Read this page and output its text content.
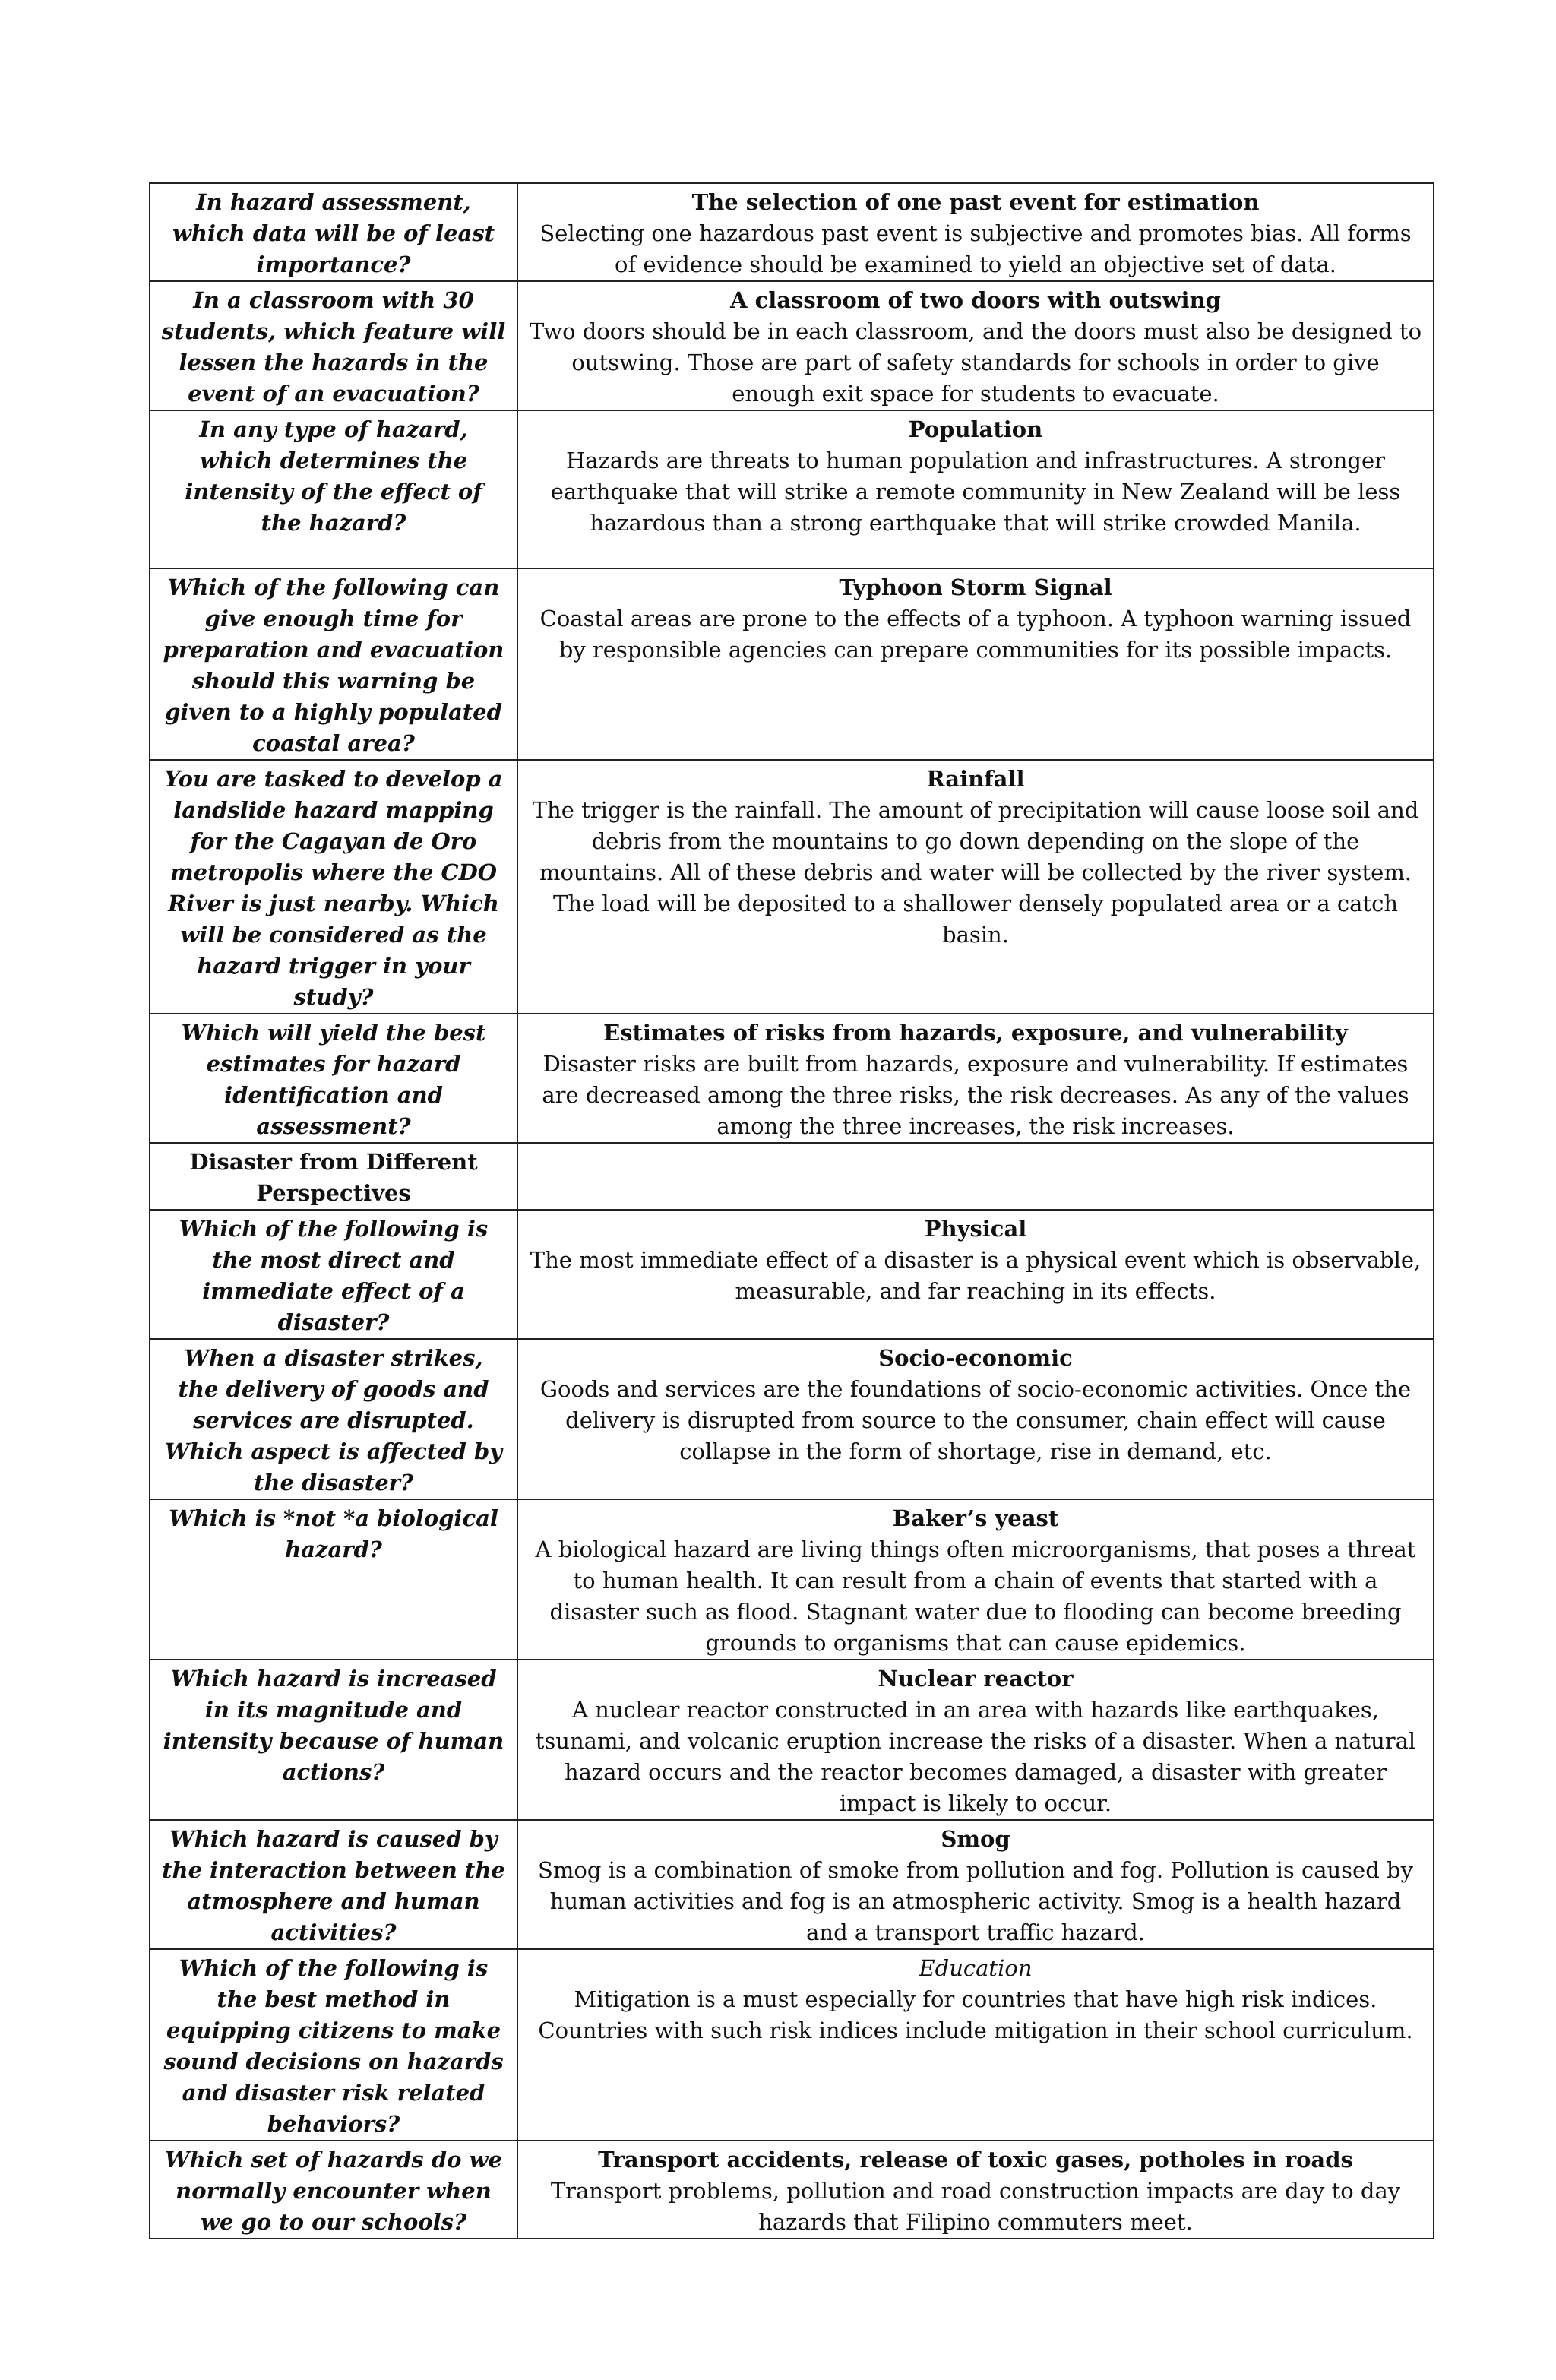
In hazard assessment, which data will be of least importance?	The selection of one past event for estimation
Selecting one hazardous past event is subjective and promotes bias. All forms of evidence should be examined to yield an objective set of data.

In a classroom with 30 students, which feature will lessen the hazards in the event of an evacuation?	A classroom of two doors with outswing
Two doors should be in each classroom, and the doors must also be designed to outswing. Those are part of safety standards for schools in order to give enough exit space for students to evacuate.

In any type of hazard, which determines the intensity of the effect of the hazard?	Population
Hazards are threats to human population and infrastructures. A stronger earthquake that will strike a remote community in New Zealand will be less hazardous than a strong earthquake that will strike crowded Manila.

Which of the following can give enough time for preparation and evacuation should this warning be given to a highly populated coastal area?	Typhoon Storm Signal
Coastal areas are prone to the effects of a typhoon. A typhoon warning issued by responsible agencies can prepare communities for its possible impacts.

You are tasked to develop a landslide hazard mapping for the Cagayan de Oro metropolis where the CDO River is just nearby. Which will be considered as the hazard trigger in your study?	Rainfall
The trigger is the rainfall. The amount of precipitation will cause loose soil and debris from the mountains to go down depending on the slope of the mountains. All of these debris and water will be collected by the river system. The load will be deposited to a shallower densely populated area or a catch basin.

Which will yield the best estimates for hazard identification and assessment?	Estimates of risks from hazards, exposure, and vulnerability
Disaster risks are built from hazards, exposure and vulnerability. If estimates are decreased among the three risks, the risk decreases. As any of the values among the three increases, the risk increases.

Disaster from Different Perspectives	

Which of the following is the most direct and immediate effect of a disaster?	Physical
The most immediate effect of a disaster is a physical event which is observable, measurable, and far reaching in its effects.

When a disaster strikes, the delivery of goods and services are disrupted. Which aspect is affected by the disaster?	Socio-economic
Goods and services are the foundations of socio-economic activities. Once the delivery is disrupted from source to the consumer, chain effect will cause collapse in the form of shortage, rise in demand, etc.

Which is *not *a biological hazard?	Baker’s yeast
A biological hazard are living things often microorganisms, that poses a threat to human health. It can result from a chain of events that started with a disaster such as flood. Stagnant water due to flooding can become breeding grounds to organisms that can cause epidemics.

Which hazard is increased in its magnitude and intensity because of human actions?	Nuclear reactor
A nuclear reactor constructed in an area with hazards like earthquakes, tsunami, and volcanic eruption increase the risks of a disaster. When a natural hazard occurs and the reactor becomes damaged, a disaster with greater impact is likely to occur.

Which hazard is caused by the interaction between the atmosphere and human activities?	Smog
Smog is a combination of smoke from pollution and fog. Pollution is caused by human activities and fog is an atmospheric activity. Smog is a health hazard and a transport traffic hazard.

Which of the following is the best method in equipping citizens to make sound decisions on hazards and disaster risk related behaviors?	Education
Mitigation is a must especially for countries that have high risk indices. Countries with such risk indices include mitigation in their school curriculum.

Which set of hazards do we normally encounter when we go to our schools?	Transport accidents, release of toxic gases, potholes in roads
Transport problems, pollution and road construction impacts are day to day hazards that Filipino commuters meet.
